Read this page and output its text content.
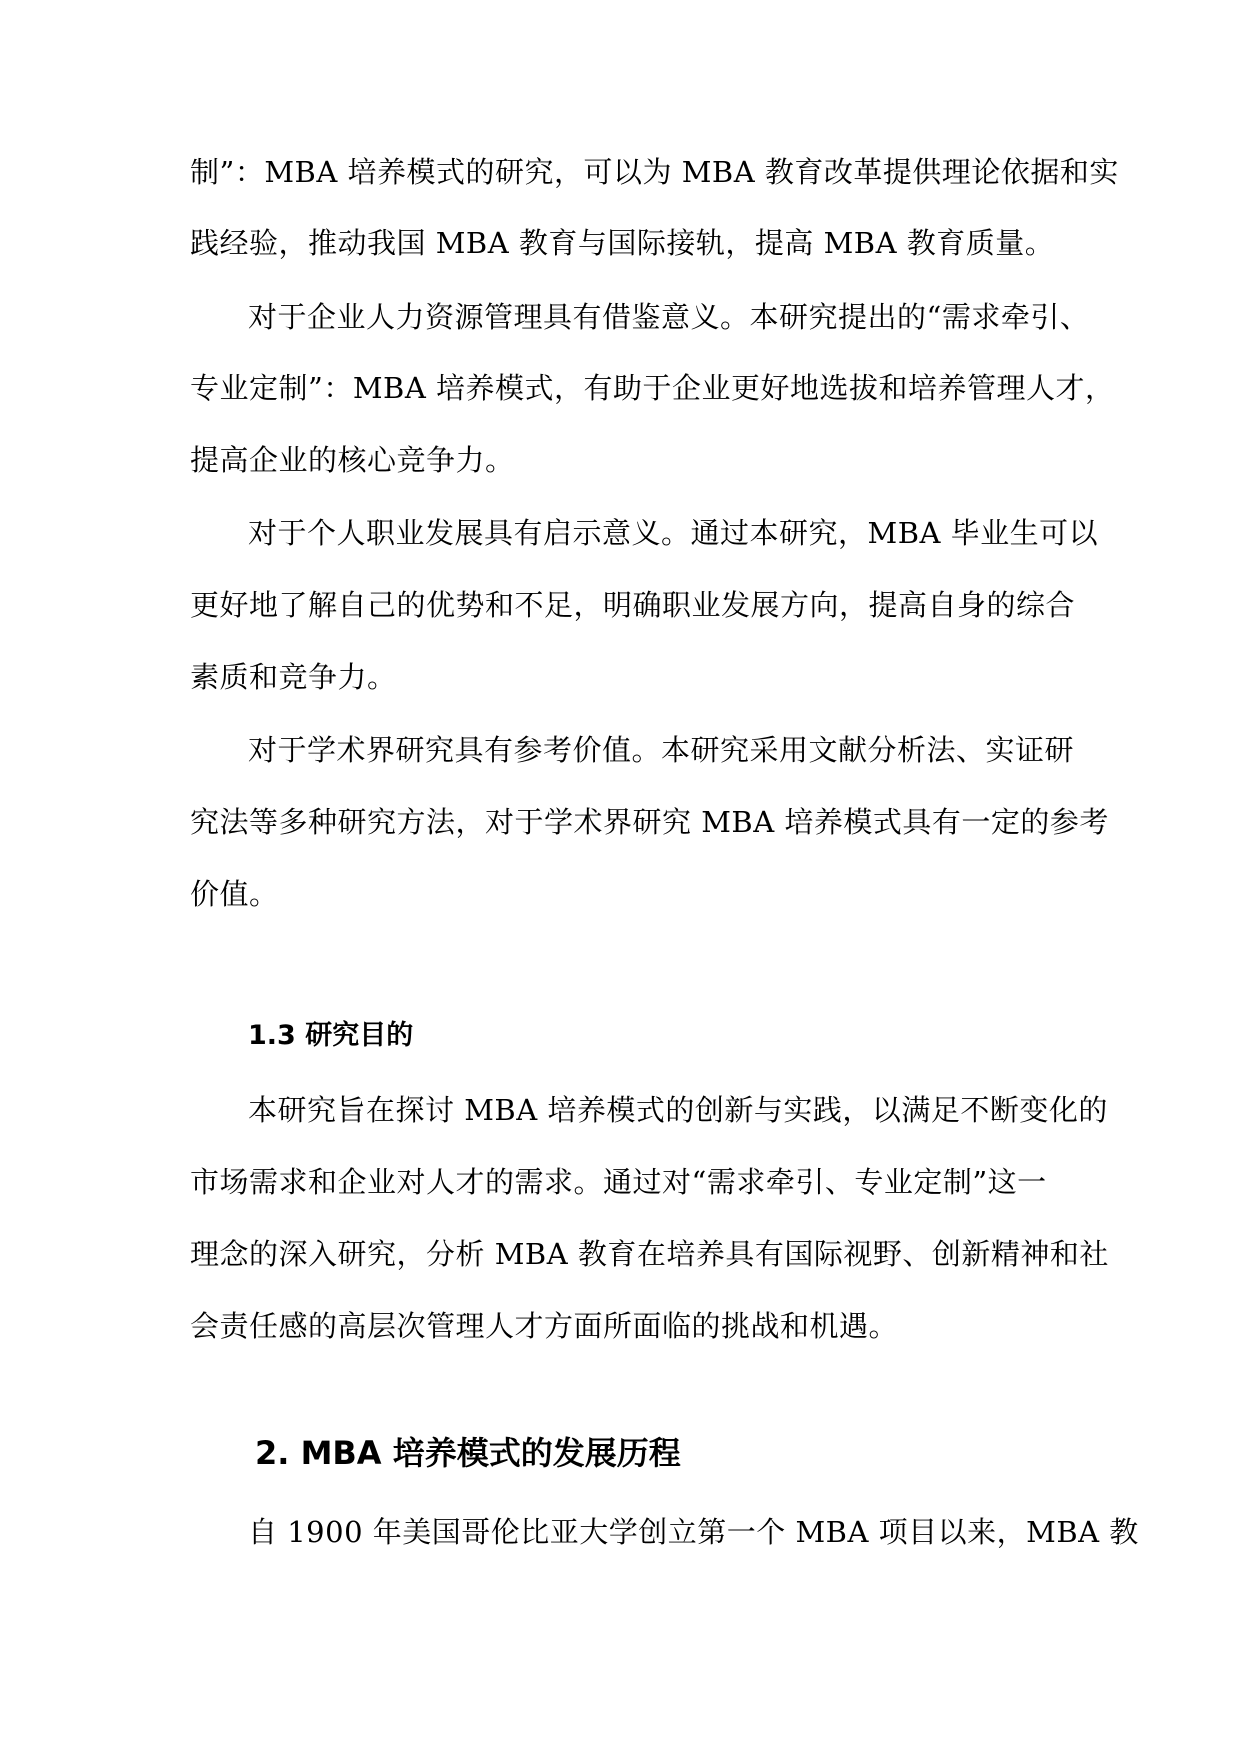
制”：MBA 培养模式的研究，可以为 MBA 教育改革提供理论依据和实
践经验，推动我国 MBA 教育与国际接轨，提高 MBA 教育质量。
对于企业人力资源管理具有借鉴意义。本研究提出的“需求牵引、
专业定制”：MBA 培养模式，有助于企业更好地选拔和培养管理人才，
提高企业的核心竞争力。
对于个人职业发展具有启示意义。通过本研究，MBA 毕业生可以
更好地了解自己的优势和不足，明确职业发展方向，提高自身的综合
素质和竞争力。
对于学术界研究具有参考价值。本研究采用文献分析法、实证研
究法等多种研究方法，对于学术界研究 MBA 培养模式具有一定的参考
价值。
1.3 研究目的
本研究旨在探讨 MBA 培养模式的创新与实践，以满足不断变化的
市场需求和企业对人才的需求。通过对“需求牵引、专业定制”这一
理念的深入研究，分析 MBA 教育在培养具有国际视野、创新精神和社
会责任感的高层次管理人才方面所面临的挑战和机遇。
2. MBA 培养模式的发展历程
自 1900 年美国哥伦比亚大学创立第一个 MBA 项目以来，MBA 教
